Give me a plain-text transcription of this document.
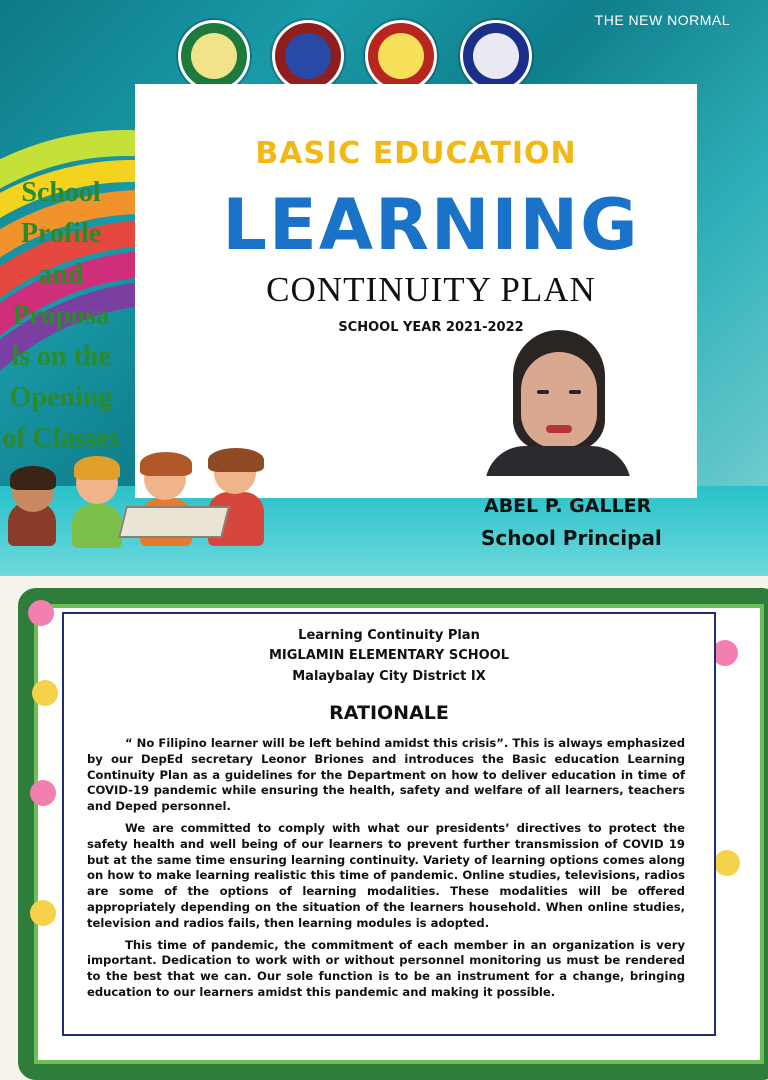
THE NEW NORMAL
BASIC EDUCATION
LEARNING
CONTINUITY PLAN
SCHOOL YEAR 2021-2022
School Profile and Proposa ls on the Opening of Classes
ABEL P. GALLER
School Principal
Learning Continuity Plan
MIGLAMIN ELEMENTARY SCHOOL
Malaybalay City District IX
RATIONALE

“ No Filipino learner will be left behind amidst this crisis”. This is always emphasized by our DepEd secretary Leonor Briones and introduces the Basic education Learning Continuity Plan as a guidelines for the Department on how to deliver education in time of COVID-19 pandemic while ensuring the health, safety and welfare of all learners, teachers and Deped personnel.

We are committed to comply with what our presidents’ directives to protect the safety health and well being of our learners to prevent further transmission of COVID 19 but at the same time ensuring learning continuity. Variety of learning options comes along on how to make learning realistic this time of pandemic. Online studies, televisions, radios are some of the options of learning modalities. These modalities will be offered appropriately depending on the situation of the learners household. When online studies, television and radios fails, then learning modules is adopted.

This time of pandemic, the commitment of each member in an organization is very important. Dedication to work with or without personnel monitoring us must be rendered to the best that we can. Our sole function is to be an instrument for a change, bringing education to our learners amidst this pandemic and making it possible.
